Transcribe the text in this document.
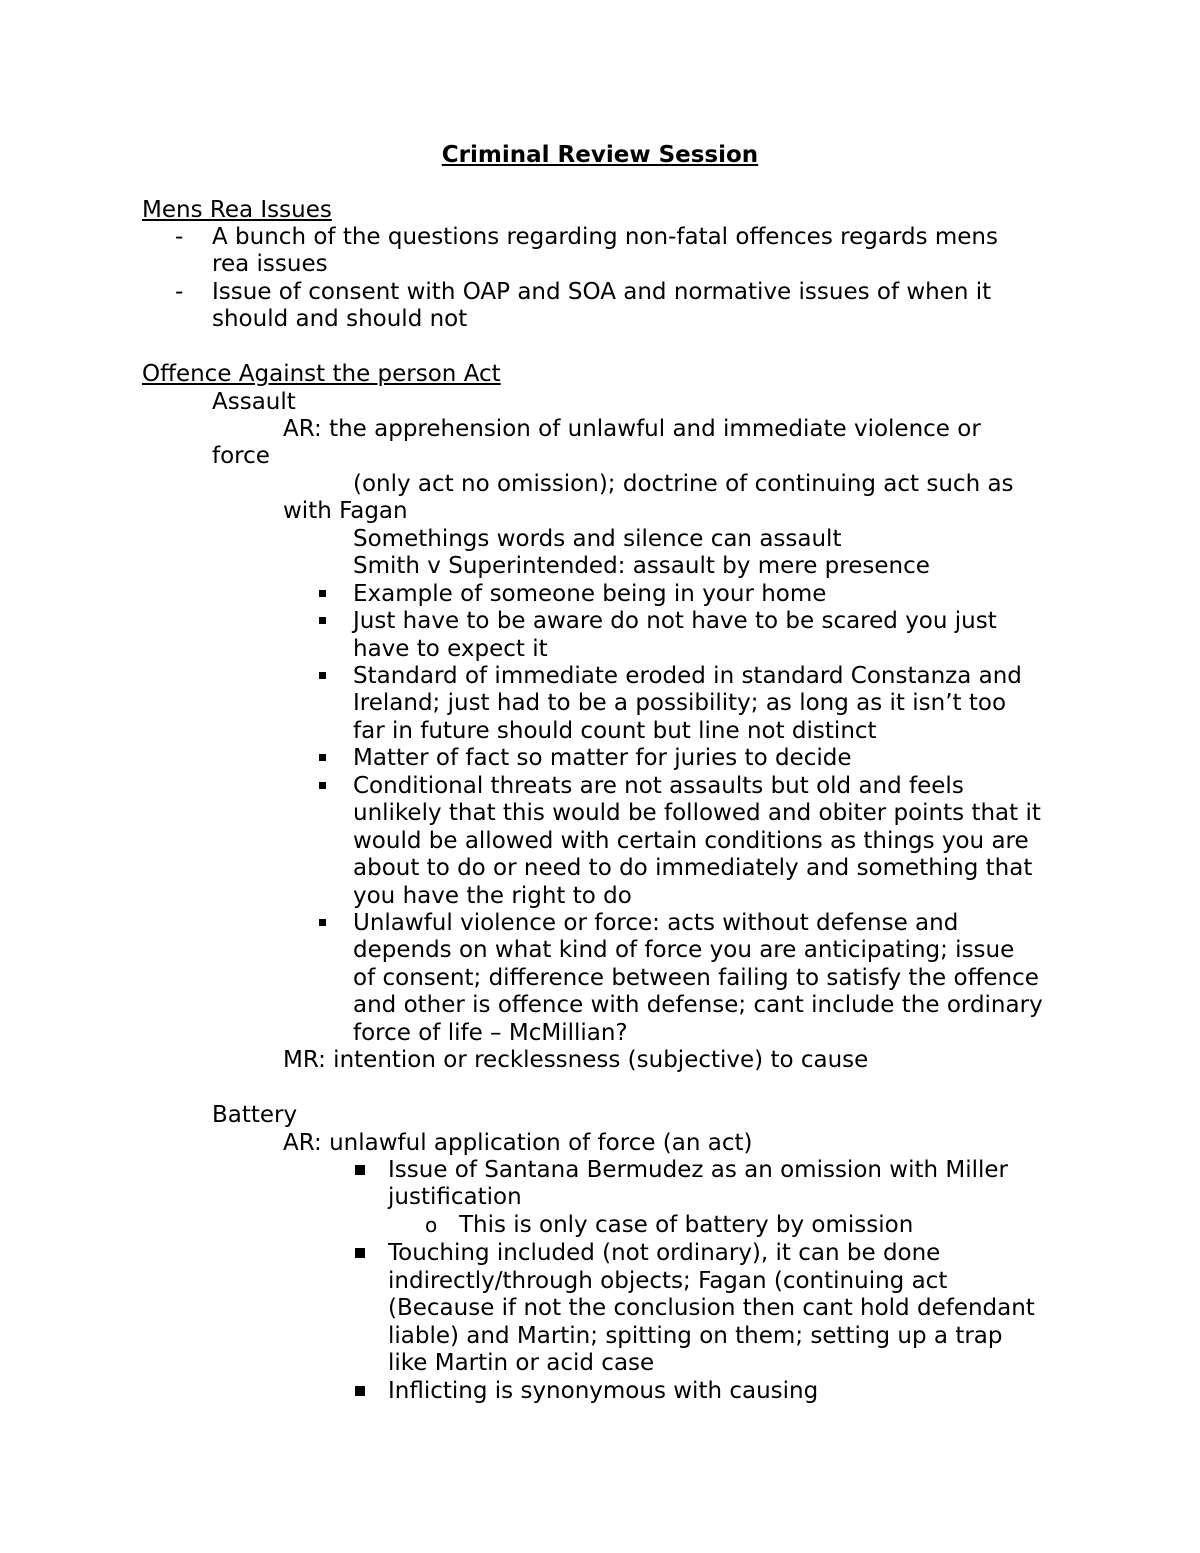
Criminal Review Session
Mens Rea Issues
- A bunch of the questions regarding non-fatal offences regards mens
rea issues
- Issue of consent with OAP and SOA and normative issues of when it
should and should not
Offence Against the person Act
Assault
AR: the apprehension of unlawful and immediate violence or
force
(only act no omission); doctrine of continuing act such as
with Fagan
Somethings words and silence can assault
Smith v Superintended: assault by mere presence
Example of someone being in your home
Just have to be aware do not have to be scared you just
have to expect it
Standard of immediate eroded in standard Constanza and
Ireland; just had to be a possibility; as long as it isn’t too
far in future should count but line not distinct
Matter of fact so matter for juries to decide
Conditional threats are not assaults but old and feels
unlikely that this would be followed and obiter points that it
would be allowed with certain conditions as things you are
about to do or need to do immediately and something that
you have the right to do
Unlawful violence or force: acts without defense and
depends on what kind of force you are anticipating; issue
of consent; difference between failing to satisfy the offence
and other is offence with defense; cant include the ordinary
force of life – McMillian?
MR: intention or recklessness (subjective) to cause
Battery
AR: unlawful application of force (an act)
Issue of Santana Bermudez as an omission with Miller
justification
o This is only case of battery by omission
Touching included (not ordinary), it can be done
indirectly/through objects; Fagan (continuing act
(Because if not the conclusion then cant hold defendant
liable) and Martin; spitting on them; setting up a trap
like Martin or acid case
Inflicting is synonymous with causing
